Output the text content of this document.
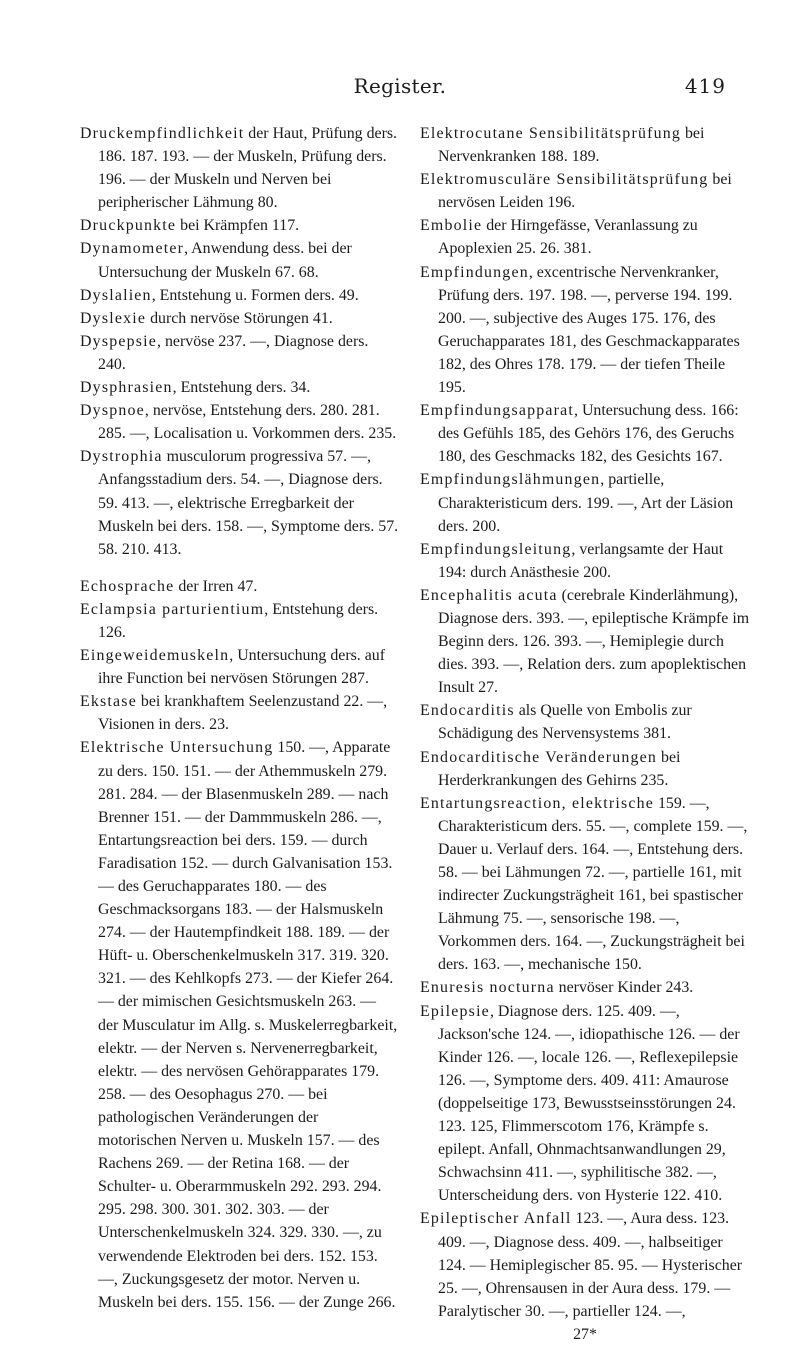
Register.	419

Druckempfindlichkeit der Haut, Prüfung ders. 186. 187. 193. — der Muskeln, Prüfung ders. 196. — der Muskeln und Nerven bei peripherischer Lähmung 80.

Druckpunkte bei Krämpfen 117.

Dynamometer, Anwendung dess. bei der Untersuchung der Muskeln 67. 68.

Dyslalien, Entstehung u. Formen ders. 49.

Dyslexie durch nervöse Störungen 41.

Dyspepsie, nervöse 237. —, Diagnose ders. 240.

Dysphrasien, Entstehung ders. 34.

Dyspnoe, nervöse, Entstehung ders. 280. 281. 285. —, Localisation u. Vorkommen ders. 235.

Dystrophia musculorum progressiva 57. —, Anfangsstadium ders. 54. —, Diagnose ders. 59. 413. —, elektrische Erregbarkeit der Muskeln bei ders. 158. —, Symptome ders. 57. 58. 210. 413.

Echosprache der Irren 47.

Eclampsia parturientium, Entstehung ders. 126.

Eingeweidemuskeln, Untersuchung ders. auf ihre Function bei nervösen Störungen 287.

Ekstase bei krankhaftem Seelenzustand 22. —, Visionen in ders. 23.

Elektrische Untersuchung 150. —, Apparate zu ders. 150. 151. — der Athemmuskeln 279. 281. 284. — der Blasenmuskeln 289. — nach Brenner 151. — der Dammmuskeln 286. —, Entartungsreaction bei ders. 159. — durch Faradisation 152. — durch Galvanisation 153. — des Geruchapparates 180. — des Geschmacksorgans 183. — der Halsmuskeln 274. — der Hautempfindkeit 188. 189. — der Hüft- u. Oberschenkelmuskeln 317. 319. 320. 321. — des Kehlkopfs 273. — der Kiefer 264. — der mimischen Gesichtsmuskeln 263. — der Musculatur im Allg. s. Muskelerregbarkeit, elektr. — der Nerven s. Nervenerregbarkeit, elektr. — des nervösen Gehörapparates 179. 258. — des Oesophagus 270. — bei pathologischen Veränderungen der motorischen Nerven u. Muskeln 157. — des Rachens 269. — der Retina 168. — der Schulter- u. Oberarmmuskeln 292. 293. 294. 295. 298. 300. 301. 302. 303. — der Unterschenkelmuskeln 324. 329. 330. —, zu verwendende Elektroden bei ders. 152. 153. —, Zuckungsgesetz der motor. Nerven u. Muskeln bei ders. 155. 156. — der Zunge 266.

Elektrocutane Sensibilitätsprüfung bei Nervenkranken 188. 189.

Elektromusculäre Sensibilitätsprüfung bei nervösen Leiden 196.

Embolie der Hirngefässe, Veranlassung zu Apoplexien 25. 26. 381.

Empfindungen, excentrische Nervenkranker, Prüfung ders. 197. 198. —, perverse 194. 199. 200. —, subjective des Auges 175. 176, des Geruchapparates 181, des Geschmackapparates 182, des Ohres 178. 179. — der tiefen Theile 195.

Empfindungsapparat, Untersuchung dess. 166: des Gefühls 185, des Gehörs 176, des Geruchs 180, des Geschmacks 182, des Gesichts 167.

Empfindungslähmungen, partielle, Charakteristicum ders. 199. —, Art der Läsion ders. 200.

Empfindungsleitung, verlangsamte der Haut 194: durch Anästhesie 200.

Encephalitis acuta (cerebrale Kinderlähmung), Diagnose ders. 393. —, epileptische Krämpfe im Beginn ders. 126. 393. —, Hemiplegie durch dies. 393. —, Relation ders. zum apoplektischen Insult 27.

Endocarditis als Quelle von Embolis zur Schädigung des Nervensystems 381.

Endocarditische Veränderungen bei Herderkrankungen des Gehirns 235.

Entartungsreaction, elektrische 159. —, Charakteristicum ders. 55. —, complete 159. —, Dauer u. Verlauf ders. 164. —, Entstehung ders. 58. — bei Lähmungen 72. —, partielle 161, mit indirecter Zuckungsträgheit 161, bei spastischer Lähmung 75. —, sensorische 198. —, Vorkommen ders. 164. —, Zuckungsträgheit bei ders. 163. —, mechanische 150.

Enuresis nocturna nervöser Kinder 243.

Epilepsie, Diagnose ders. 125. 409. —, Jackson'sche 124. —, idiopathische 126. — der Kinder 126. —, locale 126. —, Reflexepilepsie 126. —, Symptome ders. 409. 411: Amaurose (doppelseitige 173, Bewusstseinsstörungen 24. 123. 125, Flimmerscotom 176, Krämpfe s. epilept. Anfall, Ohnmachtsanwandlungen 29, Schwachsinn 411. —, syphilitische 382. —, Unterscheidung ders. von Hysterie 122. 410.

Epileptischer Anfall 123. —, Aura dess. 123. 409. —, Diagnose dess. 409. —, halbseitiger 124. — Hemiplegischer 85. 95. — Hysterischer 25. —, Ohrensausen in der Aura dess. 179. — Paralytischer 30. —, partieller 124. —,

27*
